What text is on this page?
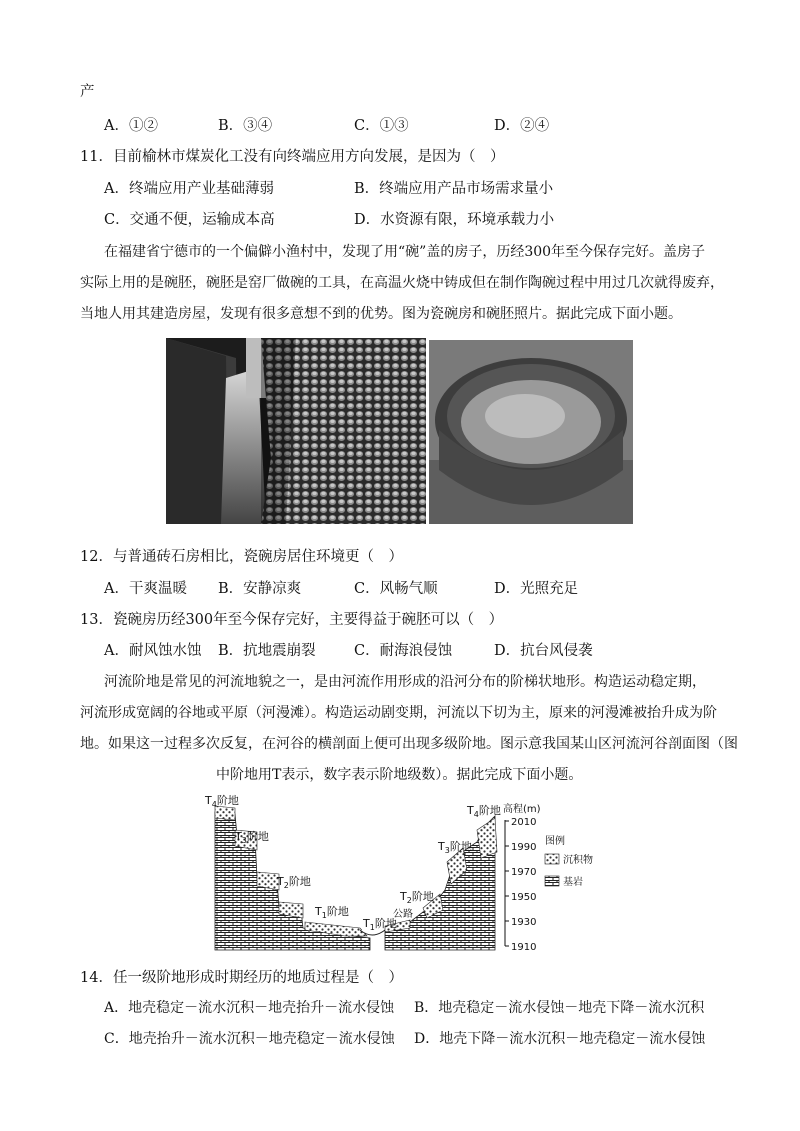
产
A．①②	B．③④	C．①③	D．②④
11．目前榆林市煤炭化工没有向终端应用方向发展，是因为（　）
A．终端应用产业基础薄弱	B．终端应用产品市场需求量小
C．交通不便，运输成本高	D．水资源有限，环境承载力小
在福建省宁德市的一个偏僻小渔村中，发现了用“碗”盖的房子，历经300年至今保存完好。盖房子
实际上用的是碗胚，碗胚是窑厂做碗的工具，在高温火烧中铸成但在制作陶碗过程中用过几次就得废弃，
当地人用其建造房屋，发现有很多意想不到的优势。图为瓷碗房和碗胚照片。据此完成下面小题。
12．与普通砖石房相比，瓷碗房居住环境更（　）
A．干爽温暖 B．安静凉爽	C．风畅气顺	D．光照充足
13．瓷碗房历经300年至今保存完好，主要得益于碗胚可以（　）
A．耐风蚀水蚀 B．抗地震崩裂	C．耐海浪侵蚀	D．抗台风侵袭
河流阶地是常见的河流地貌之一，是由河流作用形成的沿河分布的阶梯状地形。构造运动稳定期，
河流形成宽阔的谷地或平原（河漫滩）。构造运动剧变期，河流以下切为主，原来的河漫滩被抬升成为阶
地。如果这一过程多次反复，在河谷的横剖面上便可出现多级阶地。图示意我国某山区河流河谷剖面图（图
中阶地用T表示，数字表示阶地级数）。据此完成下面小题。
$T_4$阶地
$T_3$阶地
$T_2$阶地
$T_1$阶地
$T_1$阶地
公路
$T_2$阶地
$T_3$阶地
$T_4$阶地 高程(m)
2010
1990
1970
1950
1930
1910
图例
沉积物
基岩
14．任一级阶地形成时期经历的地质过程是（　）
A．地壳稳定－流水沉积－地壳抬升－流水侵蚀 B．地壳稳定－流水侵蚀－地壳下降－流水沉积
C．地壳抬升－流水沉积－地壳稳定－流水侵蚀 D．地壳下降－流水沉积－地壳稳定－流水侵蚀
